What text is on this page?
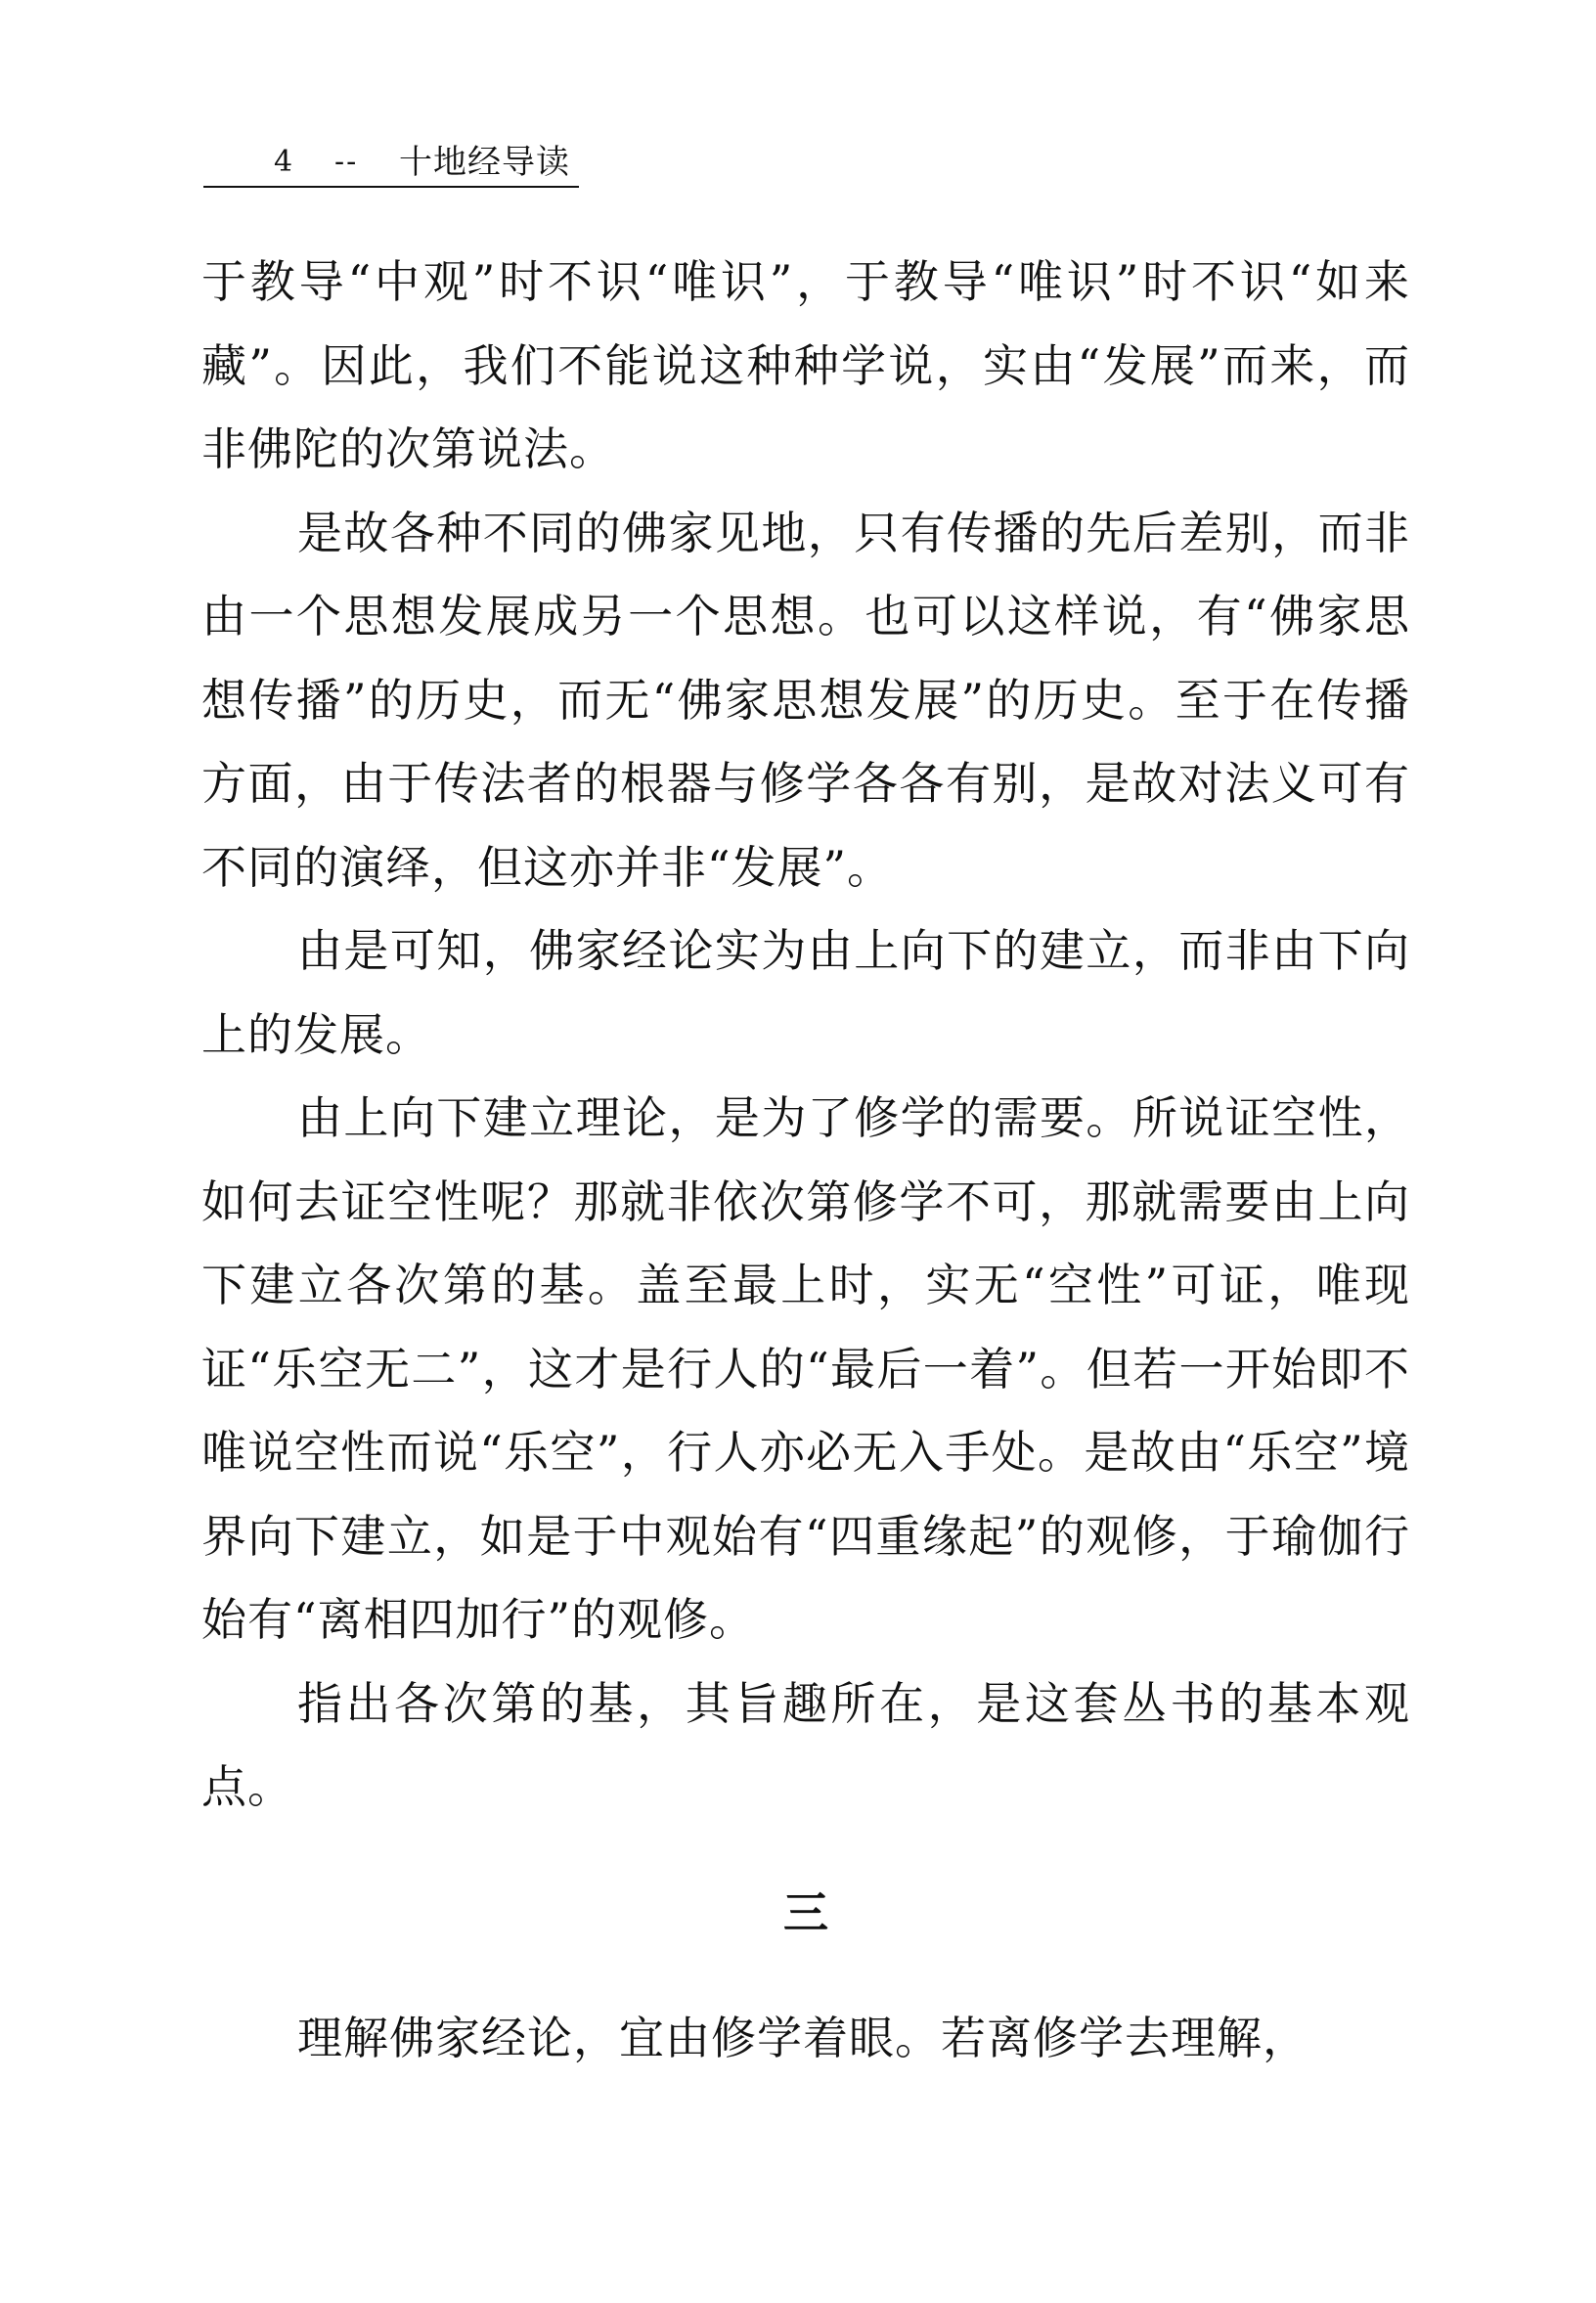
4 -- 十地经导读

于教导“中观”时不识“唯识”，于教导“唯识”时不识“如来藏”。因此，我们不能说这种种学说，实由“发展”而来，而非佛陀的次第说法。

是故各种不同的佛家见地，只有传播的先后差别，而非由一个思想发展成另一个思想。也可以这样说，有“佛家思想传播”的历史，而无“佛家思想发展”的历史。至于在传播方面，由于传法者的根器与修学各各有别，是故对法义可有不同的演绎，但这亦并非“发展”。

由是可知，佛家经论实为由上向下的建立，而非由下向上的发展。

由上向下建立理论，是为了修学的需要。所说证空性，如何去证空性呢？那就非依次第修学不可，那就需要由上向下建立各次第的基。盖至最上时，实无“空性”可证，唯现证“乐空无二”，这才是行人的“最后一着”。但若一开始即不唯说空性而说“乐空”，行人亦必无入手处。是故由“乐空”境界向下建立，如是于中观始有“四重缘起”的观修，于瑜伽行始有“离相四加行”的观修。

指出各次第的基，其旨趣所在，是这套丛书的基本观点。

三

理解佛家经论，宜由修学着眼。若离修学去理解，
